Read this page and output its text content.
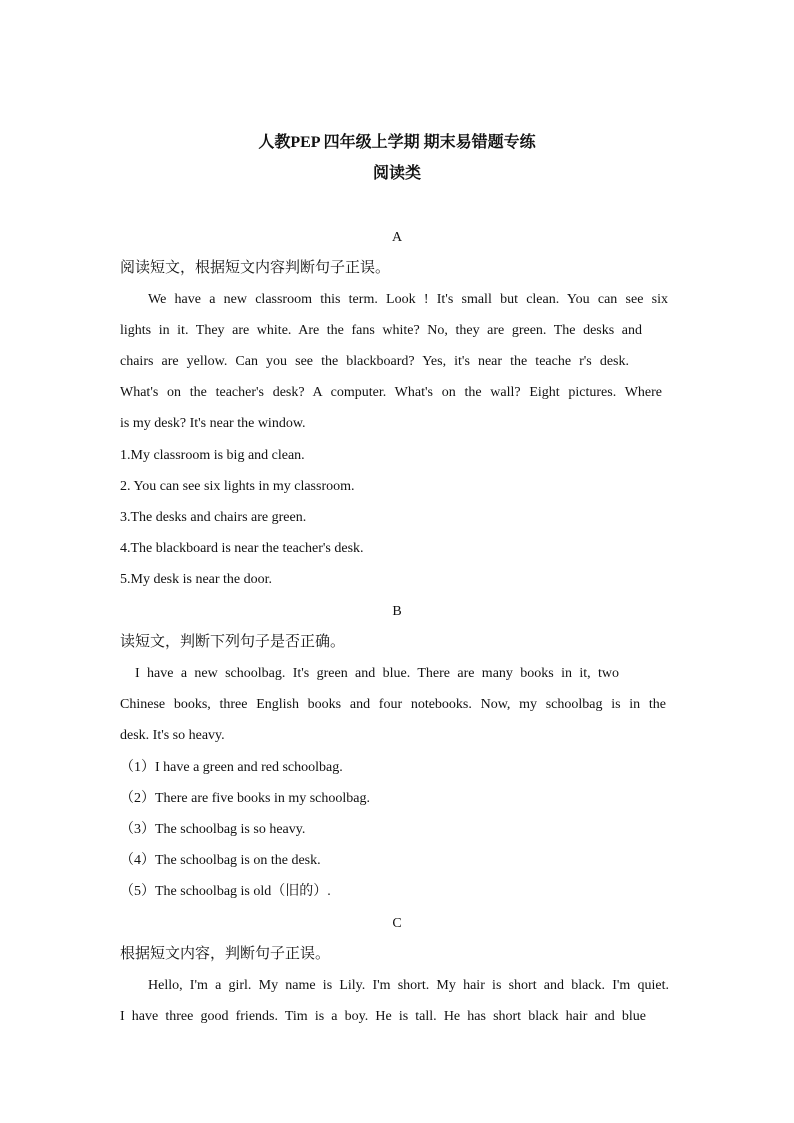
人教PEP 四年级上学期 期末易错题专练
阅读类
A
阅读短文，根据短文内容判断句子正误。
We have a new classroom this term. Look ! It's small but clean. You can see six
lights in it. They are white. Are the fans white? No, they are green. The desks and
chairs are yellow. Can you see the blackboard? Yes, it's near the teache r's desk.
What's on the teacher's desk? A computer. What's on the wall? Eight pictures. Where
is my desk? It's near the window.
1.My classroom is big and clean.
2. You can see six lights in my classroom.
3.The desks and chairs are green.
4.The blackboard is near the teacher's desk.
5.My desk is near the door.
B
读短文，判断下列句子是否正确。
I have a new schoolbag. It's green and blue. There are many books in it, two
Chinese books, three English books and four notebooks. Now, my schoolbag is in the
desk. It's so heavy.
（1）I have a green and red schoolbag.
（2）There are five books in my schoolbag.
（3）The schoolbag is so heavy.
（4）The schoolbag is on the desk.
（5）The schoolbag is old（旧的）.
C
根据短文内容，判断句子正误。
Hello, I'm a girl. My name is Lily. I'm short. My hair is short and black. I'm quiet.
I have three good friends. Tim is a boy. He is tall. He has short black hair and blue
